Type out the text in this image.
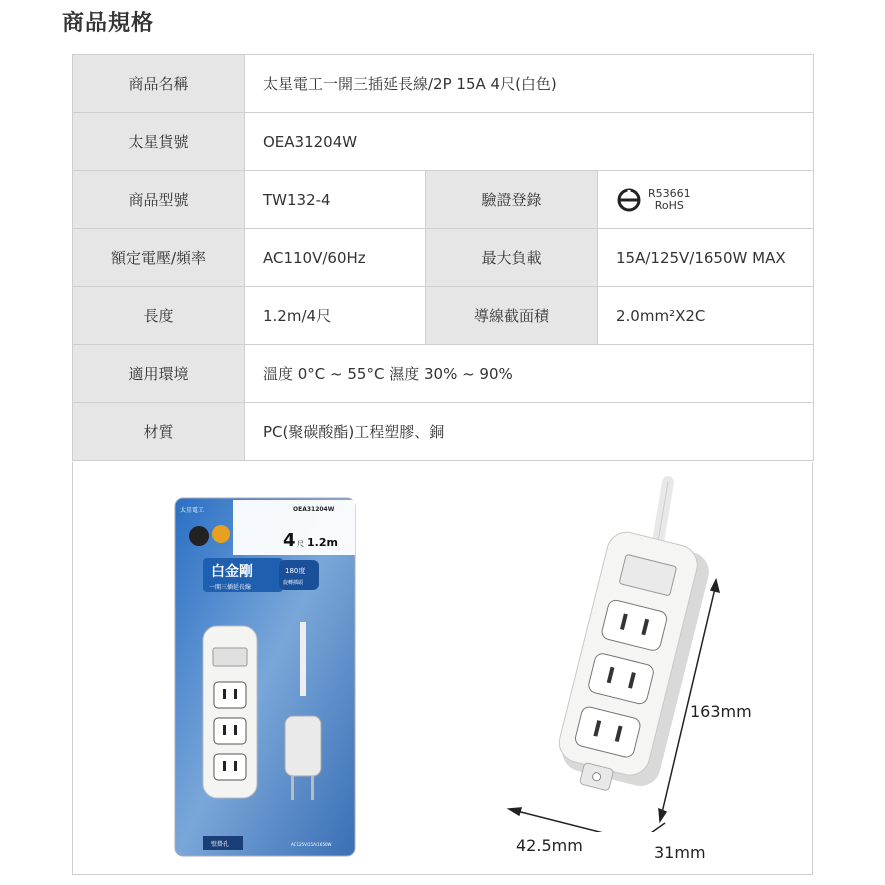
商品規格
商品名稱	太星電工一開三插延長線/2P 15A 4尺(白色)		
太星貨號	OEA31204W		
商品型號	TW132-4	驗證登錄	R53661
RoHS

額定電壓/頻率	AC110V/60Hz	最大負載	15A/125V/1650W MAX
長度	1.2m/4尺	導線截面積	2.0mm²X2C
適用環境	溫度 0°C ~ 55°C 濕度 30% ~ 90%		
材質	PC(聚碳酸酯)工程塑膠、銅		
太星電工	OEA31204W
4 尺 1.2m
白金剛
一開三插延長線
180度
旋轉插頭
壁掛孔	AC125V/15A/1650W
163mm
42.5mm	31mm
